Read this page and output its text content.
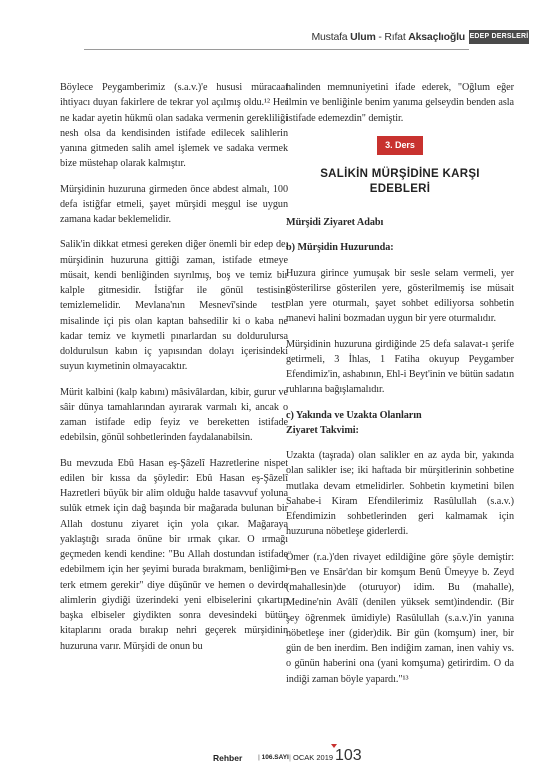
Mustafa Ulum - Rıfat Aksaçlıoğlu EDEP DERSLERİ

Böylece Peygamberimiz (s.a.v.)'e hususi müracaat ihtiyacı duyan fakirlere de tekrar yol açılmış oldu.¹² Her ne kadar ayetin hükmü olan sadaka vermenin gerekliliği nesh olsa da kendisinden istifade edilecek salihlerin yanına gitmeden salih amel işlemek ve sadaka vermek bize müstehap olarak kalmıştır.

Mürşidinin huzuruna girmeden önce abdest almalı, 100 defa istiğfar etmeli, şayet mürşidi meşgul ise uygun zamana kadar beklemelidir.

Salik'in dikkat etmesi gereken diğer önemli bir edep de, mürşidinin huzuruna gittiği zaman, istifade etmeye müsait, kendi benliğinden sıyrılmış, boş ve temiz bir kalple gitmesidir. İstiğfar ile gönül testisini temizlemelidir. Mevlana'nın Mesnevî'sinde testi misalinde içi pis olan kaptan bahsedilir ki o kaba ne kadar temiz ve kıymetli pınarlardan su doldurulursa doldurulsun kabın iç yapısından dolayı içerisindeki suyun kıymetinin olmayacaktır.

Mürit kalbini (kalp kabını) mâsivâlardan, kibir, gurur ve sâir dünya tamahlarından ayırarak varmalı ki, ancak o zaman istifade edip feyiz ve bereketten istifade edebilsin, gönül sohbetlerinden faydalanabilsin.

Bu mevzuda Ebû Hasan eş-Şâzelî Hazretlerine nispet edilen bir kıssa da şöyledir: Ebû Hasan eş-Şâzelî Hazretleri büyük bir alim olduğu halde tasavvuf yoluna sulûk etmek için dağ başında bir mağarada bulunan bir Allah dostunu ziyaret için yola çıkar. Mağaraya yaklaştığı sırada önüne bir ırmak çıkar. O ırmağı geçmeden kendi kendine: "Bu Allah dostundan istifade edebilmem için her şeyimi burada bırakmam, benliğimi terk etmem gerekir" diye düşünür ve hemen o devirde alimlerin giydiği üzerindeki yeni elbiselerini çıkartıp başka elbiseler giydikten sonra devesindeki bütün kitaplarını orada bırakıp nehri geçerek mürşidinin huzuruna varır. Mürşidi de onun bu

halinden memnuniyetini ifade ederek, "Oğlum eğer ilmin ve benliğinle benim yanıma gelseydin benden asla istifade edemezdin" demiştir.

3. Ders
SALİKİN MÜRŞİDİNE KARŞI
EDEBLERİ

Mürşidi Ziyaret Adabı

b) Mürşidin Huzurunda:

Huzura girince yumuşak bir sesle selam vermeli, yer gösterilirse gösterilen yere, gösterilmemiş ise müsait olan yere oturmalı, şayet sohbet ediliyorsa sohbetin manevi halini bozmadan uygun bir yere oturmalıdır.

Mürşidinin huzuruna girdiğinde 25 defa salavat-ı şerife getirmeli, 3 İhlas, 1 Fatiha okuyup Peygamber Efendimiz'in, ashabının, Ehl-i Beyt'inin ve bütün sadatın ruhlarına bağışlamalıdır.

c) Yakında ve Uzakta Olanların
Ziyaret Takvimi:

Uzakta (taşrada) olan salikler en az ayda bir, yakında olan salikler ise; iki haftada bir mürşitlerinin sohbetine mutlaka devam etmelidirler. Sohbetin kıymetini bilen Sahabe-i Kiram Efendilerimiz Rasûlullah (s.a.v.) Efendimizin sohbetlerinden geri kalmamak için huzuruna nöbetleşe giderlerdi.

Ömer (r.a.)'den rivayet edildiğine göre şöyle demiştir: "Ben ve Ensâr'dan bir komşum Benû Ümeyye b. Zeyd (mahallesin)de (oturuyor) idim. Bu (mahalle), Medine'nin Avâlî (denilen yüksek semt)indendir. (Bir şey öğrenmek ümidiyle) Rasûlullah (s.a.v.)'in yanına nöbetleşe iner (gider)dik. Bir gün (komşum) iner, bir gün de ben inerdim. Ben indiğim zaman, inen vahiy vs. o günün haberini ona (yani komşuma) getirirdim. O da indiği zaman böyle yapardı."¹³

Rehber | 106.SAYI | OCAK 2019 103
